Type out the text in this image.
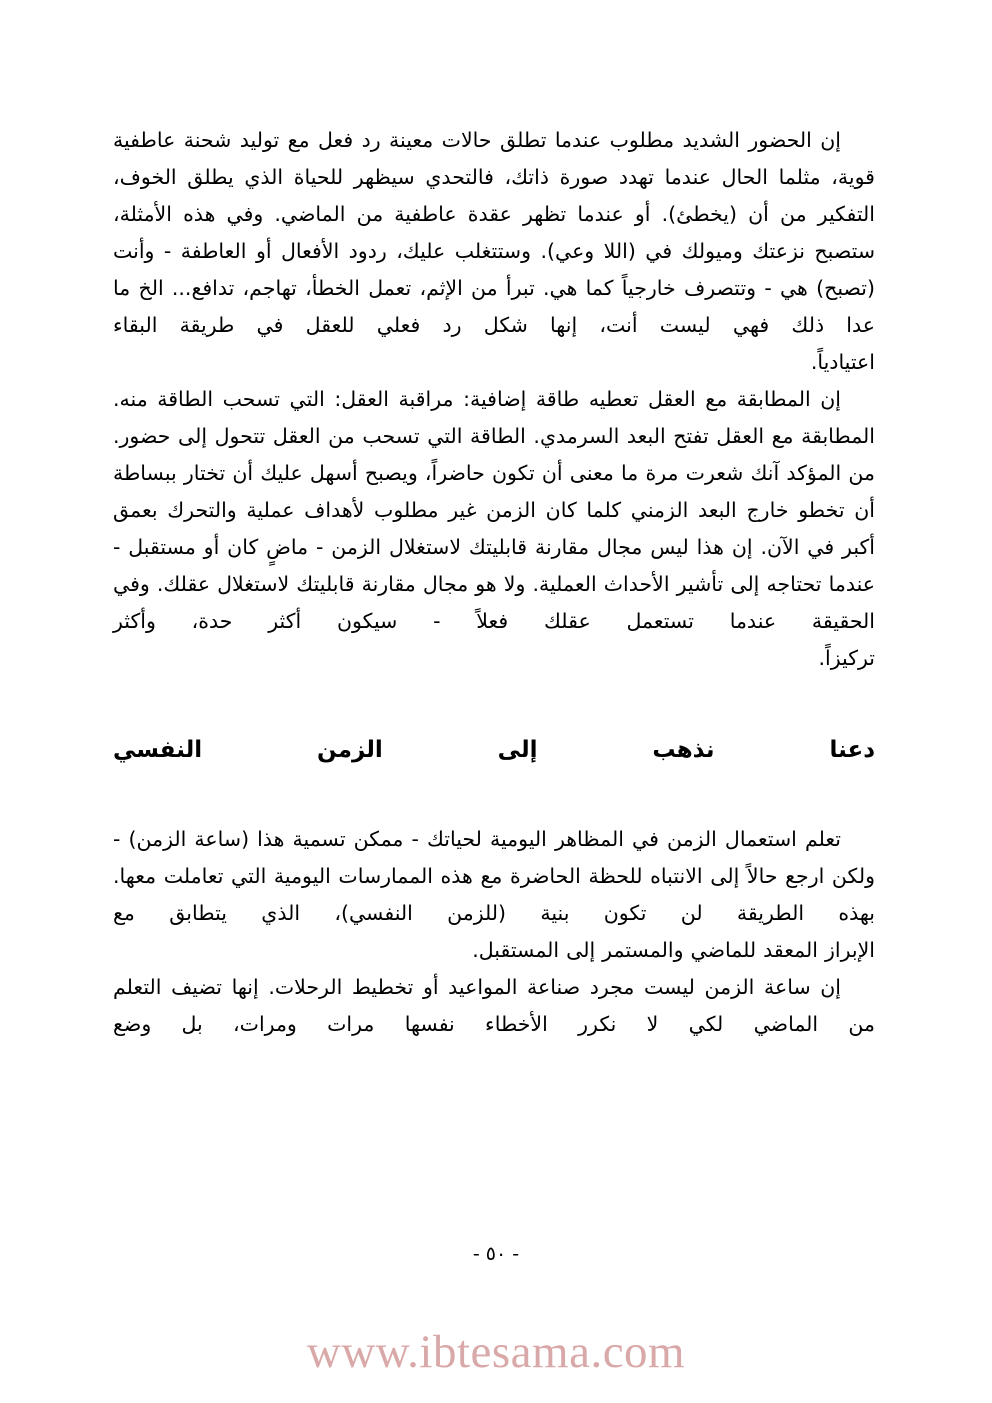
إن الحضور الشديد مطلوب عندما تطلق حالات معينة رد فعل مع توليد شحنة عاطفية قوية، مثلما الحال عندما تهدد صورة ذاتك، فالتحدي سيظهر للحياة الذي يطلق الخوف، التفكير من أن (يخطئ). أو عندما تظهر عقدة عاطفية من الماضي. وفي هذه الأمثلة، ستصبح نزعتك وميولك في (اللا وعي). وستتغلب عليك، ردود الأفعال أو العاطفة - وأنت (تصبح) هي - وتتصرف خارجياً كما هي. تبرأ من الإثم، تعمل الخطأ، تهاجم، تدافع... الخ ما عدا ذلك فهي ليست أنت، إنها شكل رد فعلي للعقل في طريقة البقاء
اعتيادياً.

إن المطابقة مع العقل تعطيه طاقة إضافية: مراقبة العقل: التي تسحب الطاقة منه. المطابقة مع العقل تفتح البعد السرمدي. الطاقة التي تسحب من العقل تتحول إلى حضور. من المؤكد آنك شعرت مرة ما معنى أن تكون حاضراً، ويصبح أسهل عليك أن تختار ببساطة أن تخطو خارج البعد الزمني كلما كان الزمن غير مطلوب لأهداف عملية والتحرك بعمق أكبر في الآن. إن هذا ليس مجال مقارنة قابليتك لاستغلال الزمن - ماضٍ كان أو مستقبل - عندما تحتاجه إلى تأشير الأحداث العملية. ولا هو مجال مقارنة قابليتك لاستغلال عقلك. وفي الحقيقة عندما تستعمل عقلك فعلاً - سيكون أكثر حدة، وأكثر
تركيزاً.

دعنا نذهب إلى الزمن النفسي

تعلم استعمال الزمن في المظاهر اليومية لحياتك - ممكن تسمية هذا (ساعة الزمن) - ولكن ارجع حالاً إلى الانتباه للحظة الحاضرة مع هذه الممارسات اليومية التي تعاملت معها. بهذه الطريقة لن تكون بنية (للزمن النفسي)، الذي يتطابق مع
الإبراز المعقد للماضي والمستمر إلى المستقبل.

إن ساعة الزمن ليست مجرد صناعة المواعيد أو تخطيط الرحلات. إنها تضيف التعلم من الماضي لكي لا نكرر الأخطاء نفسها مرات ومرات، بل وضع

- ٥٠ -
www.ibtesama.com
